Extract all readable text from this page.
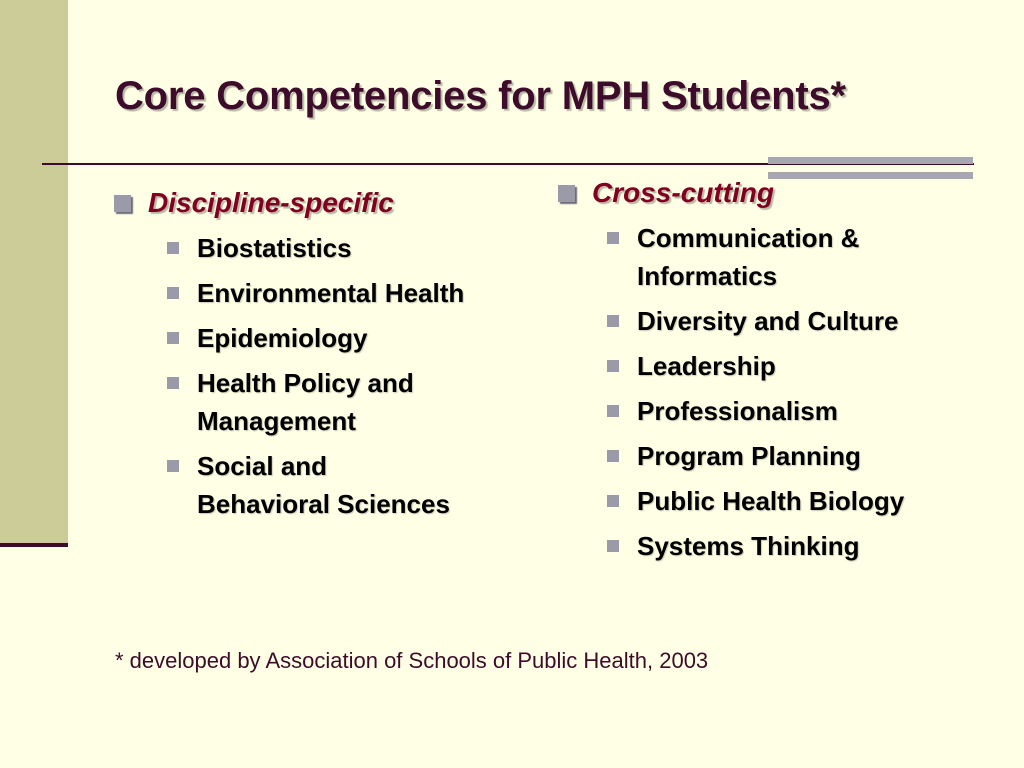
Core Competencies for MPH Students*
Discipline-specific
Biostatistics
Environmental Health
Epidemiology
Health Policy and
Management
Social and
Behavioral Sciences
Cross-cutting
Communication &
Informatics
Diversity and Culture
Leadership
Professionalism
Program Planning
Public Health Biology
Systems Thinking

* developed by Association of Schools of Public Health, 2003
